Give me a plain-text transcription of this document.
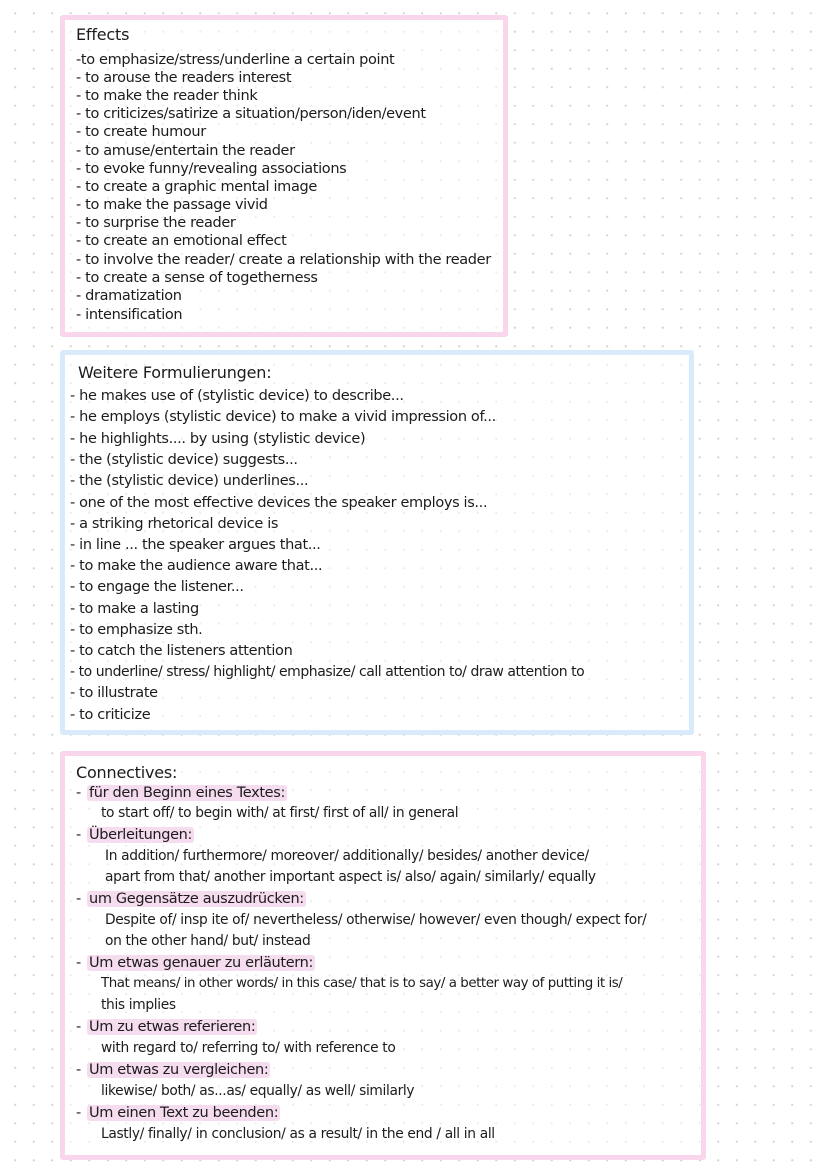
Effects

-to emphasize/stress/underline a certain point

- to arouse the readers interest

- to make the reader think

- to criticizes/satirize a situation/person/iden/event

- to create humour

- to amuse/entertain the reader

- to evoke funny/revealing associations

- to create a graphic mental image

- to make the passage vivid

- to surprise the reader

- to create an emotional effect

- to involve the reader/ create a relationship with the reader

- to create a sense of togetherness

- dramatization

- intensification

Weitere Formulierungen:

- he makes use of (stylistic device) to describe...

- he employs (stylistic device) to make a vivid impression of...

- he highlights.... by using (stylistic device)

- the (stylistic device) suggests...

- the (stylistic device) underlines...

- one of the most effective devices the speaker employs is...

- a striking rhetorical device is

- in line ... the speaker argues that...

- to make the audience aware that...

- to engage the listener...

- to make a lasting

- to emphasize sth.

- to catch the listeners attention

- to underline/ stress/ highlight/ emphasize/ call attention to/ draw attention to

- to illustrate

- to criticize

Connectives:

- für den Beginn eines Textes:

to start off/ to begin with/ at first/ first of all/ in general

- Überleitungen:

In addition/ furthermore/ moreover/ additionally/ besides/ another device/

apart from that/ another important aspect is/ also/ again/ similarly/ equally

- um Gegensätze auszudrücken:

Despite of/ insp ite of/ nevertheless/ otherwise/ however/ even though/ expect for/

on the other hand/ but/ instead

- Um etwas genauer zu erläutern:

That means/ in other words/ in this case/ that is to say/ a better way of putting it is/

this implies

- Um zu etwas referieren:

with regard to/ referring to/ with reference to

- Um etwas zu vergleichen:

likewise/ both/ as...as/ equally/ as well/ similarly

- Um einen Text zu beenden:

Lastly/ finally/ in conclusion/ as a result/ in the end / all in all
